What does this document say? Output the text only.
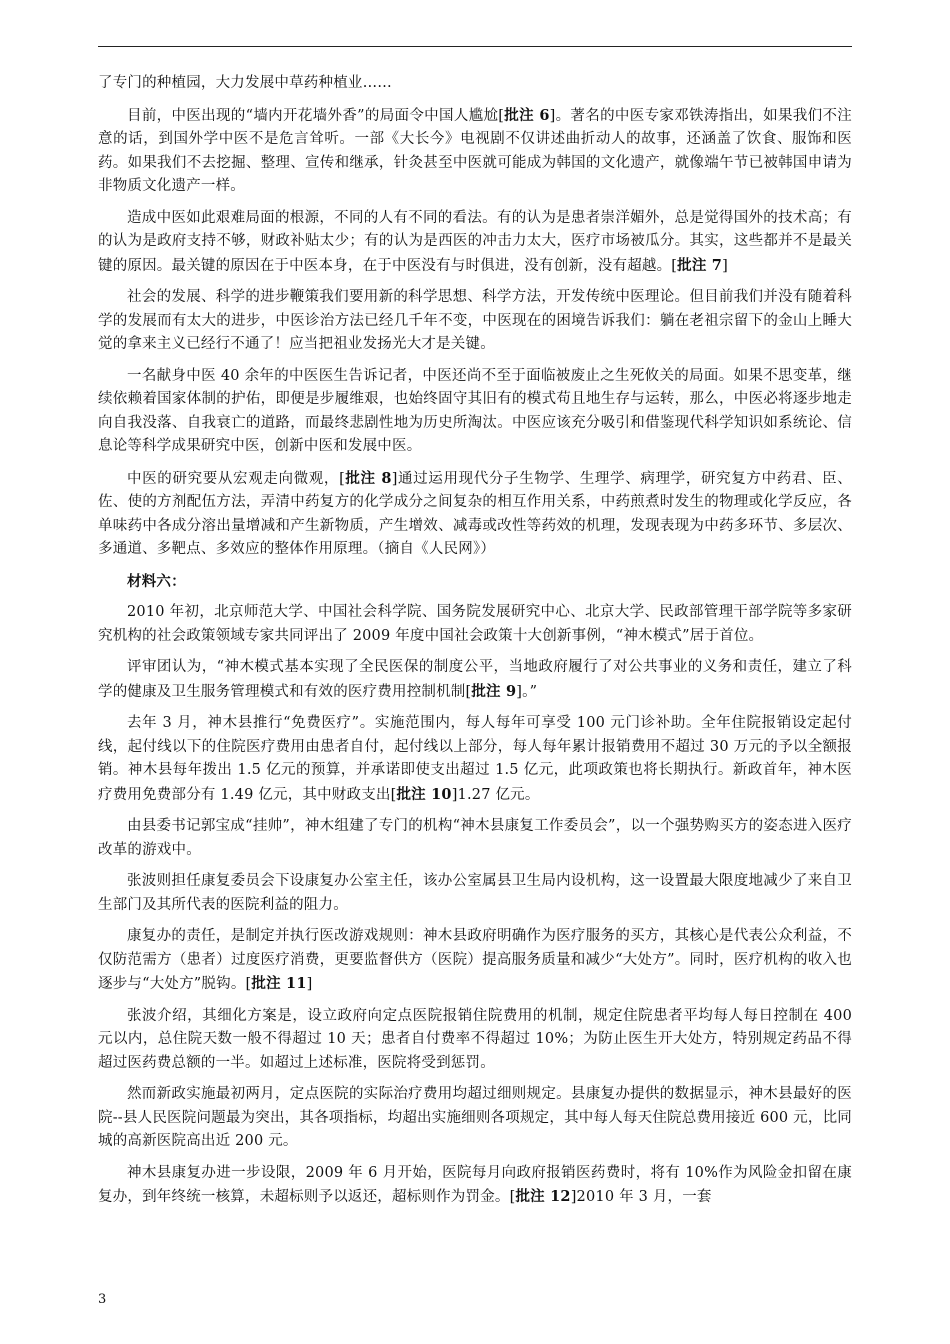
了专门的种植园，大力发展中草药种植业……

目前，中医出现的“墙内开花墙外香”的局面令中国人尴尬[批注 6]。著名的中医专家邓铁涛指出，如果我们不注意的话，到国外学中医不是危言耸听。一部《大长今》电视剧不仅讲述曲折动人的故事，还涵盖了饮食、服饰和医药。如果我们不去挖掘、整理、宣传和继承，针灸甚至中医就可能成为韩国的文化遗产，就像端午节已被韩国申请为非物质文化遗产一样。

造成中医如此艰难局面的根源，不同的人有不同的看法。有的认为是患者崇洋媚外，总是觉得国外的技术高；有的认为是政府支持不够，财政补贴太少；有的认为是西医的冲击力太大，医疗市场被瓜分。其实，这些都并不是最关键的原因。最关键的原因在于中医本身，在于中医没有与时俱进，没有创新，没有超越。[批注 7]

社会的发展、科学的进步鞭策我们要用新的科学思想、科学方法，开发传统中医理论。但目前我们并没有随着科学的发展而有太大的进步，中医诊治方法已经几千年不变，中医现在的困境告诉我们：躺在老祖宗留下的金山上睡大觉的拿来主义已经行不通了！应当把祖业发扬光大才是关键。

一名献身中医 40 余年的中医医生告诉记者，中医还尚不至于面临被废止之生死攸关的局面。如果不思变革，继续依赖着国家体制的护佑，即便是步履维艰，也始终固守其旧有的模式苟且地生存与运转，那么，中医必将逐步地走向自我没落、自我衰亡的道路，而最终悲剧性地为历史所淘汰。中医应该充分吸引和借鉴现代科学知识如系统论、信息论等科学成果研究中医，创新中医和发展中医。

中医的研究要从宏观走向微观，[批注 8]通过运用现代分子生物学、生理学、病理学，研究复方中药君、臣、佐、使的方剂配伍方法，弄清中药复方的化学成分之间复杂的相互作用关系，中药煎煮时发生的物理或化学反应，各单味药中各成分溶出量增减和产生新物质，产生增效、减毒或改性等药效的机理，发现表现为中药多环节、多层次、多通道、多靶点、多效应的整体作用原理。（摘自《人民网》）

材料六：

2010 年初，北京师范大学、中国社会科学院、国务院发展研究中心、北京大学、民政部管理干部学院等多家研究机构的社会政策领域专家共同评出了 2009 年度中国社会政策十大创新事例，“神木模式”居于首位。

评审团认为，“神木模式基本实现了全民医保的制度公平，当地政府履行了对公共事业的义务和责任，建立了科学的健康及卫生服务管理模式和有效的医疗费用控制机制[批注 9]。”

去年 3 月，神木县推行“免费医疗”。实施范围内，每人每年可享受 100 元门诊补助。全年住院报销设定起付线，起付线以下的住院医疗费用由患者自付，起付线以上部分，每人每年累计报销费用不超过 30 万元的予以全额报销。神木县每年拨出 1.5 亿元的预算，并承诺即使支出超过 1.5 亿元，此项政策也将长期执行。新政首年，神木医疗费用免费部分有 1.49 亿元，其中财政支出[批注 10]1.27 亿元。

由县委书记郭宝成“挂帅”，神木组建了专门的机构“神木县康复工作委员会”，以一个强势购买方的姿态进入医疗改革的游戏中。

张波则担任康复委员会下设康复办公室主任，该办公室属县卫生局内设机构，这一设置最大限度地减少了来自卫生部门及其所代表的医院利益的阻力。

康复办的责任，是制定并执行医改游戏规则：神木县政府明确作为医疗服务的买方，其核心是代表公众利益，不仅防范需方（患者）过度医疗消费，更要监督供方（医院）提高服务质量和减少“大处方”。同时，医疗机构的收入也逐步与“大处方”脱钩。[批注 11]

张波介绍，其细化方案是，设立政府向定点医院报销住院费用的机制，规定住院患者平均每人每日控制在 400 元以内，总住院天数一般不得超过 10 天；患者自付费率不得超过 10%；为防止医生开大处方，特别规定药品不得超过医药费总额的一半。如超过上述标准，医院将受到惩罚。

然而新政实施最初两月，定点医院的实际治疗费用均超过细则规定。县康复办提供的数据显示，神木县最好的医院--县人民医院问题最为突出，其各项指标，均超出实施细则各项规定，其中每人每天住院总费用接近 600 元，比同城的高新医院高出近 200 元。

神木县康复办进一步设限，2009 年 6 月开始，医院每月向政府报销医药费时，将有 10%作为风险金扣留在康复办，到年终统一核算，未超标则予以返还，超标则作为罚金。[批注 12]2010 年 3 月，一套

3
